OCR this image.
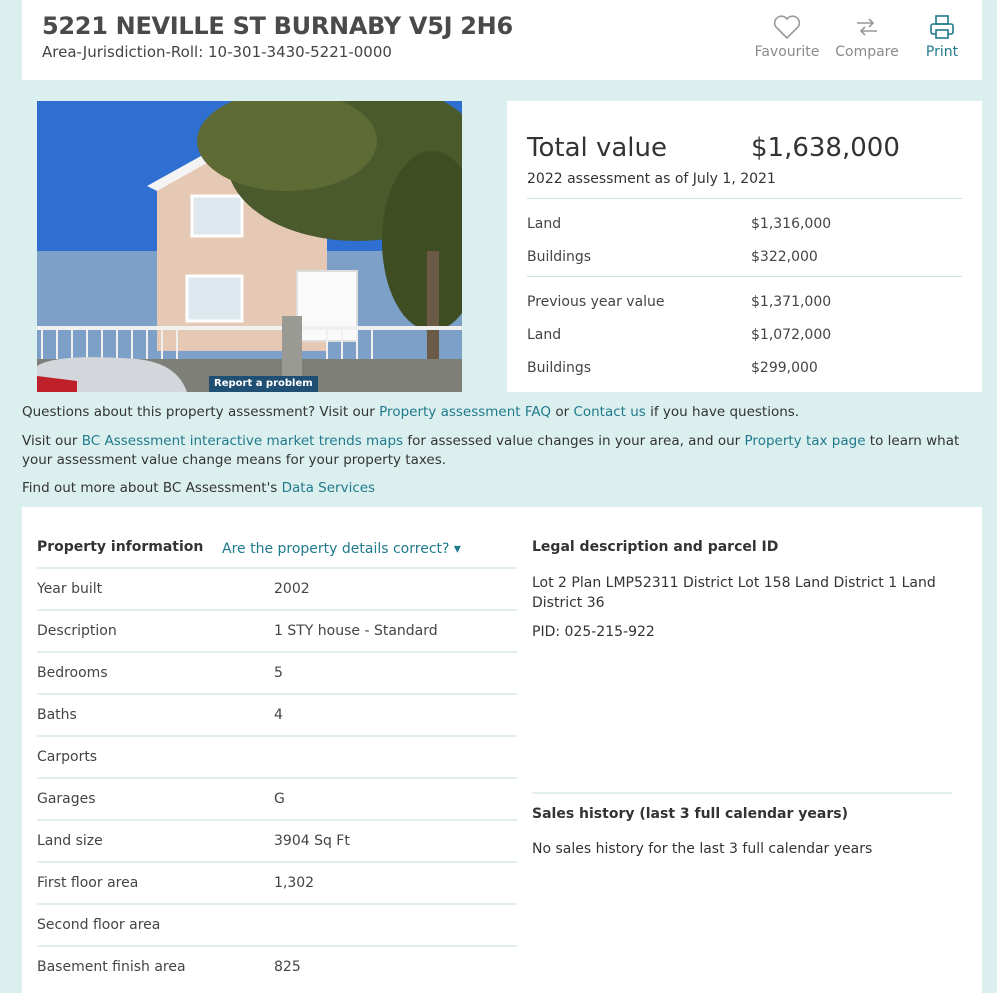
5221 NEVILLE ST BURNABY V5J 2H6
Area-Jurisdiction-Roll: 10-301-3430-5221-0000	Favourite Compare	Print
Report a problem
Total value	$1,638,000
2022 assessment as of July 1, 2021
Land	$1,316,000
Buildings	$322,000
Previous year value	$1,371,000
Land	$1,072,000
Buildings	$299,000
Questions about this property assessment? Visit our Property assessment FAQ or Contact us if you have questions.
Visit our BC Assessment interactive market trends maps for assessed value changes in your area, and our Property tax page to learn what your assessment value change means for your property taxes.
Find out more about BC Assessment's Data Services
Property information Are the property details correct? ▾
Year built	2002
Description	1 STY house - Standard
Bedrooms	5
Baths	4
Carports
Garages	G
Land size	3904 Sq Ft
First floor area	1,302
Second floor area
Basement finish area	825
Legal description and parcel ID
Lot 2 Plan LMP52311 District Lot 158 Land District 1 Land District 36
PID: 025-215-922
Sales history (last 3 full calendar years)
No sales history for the last 3 full calendar years
